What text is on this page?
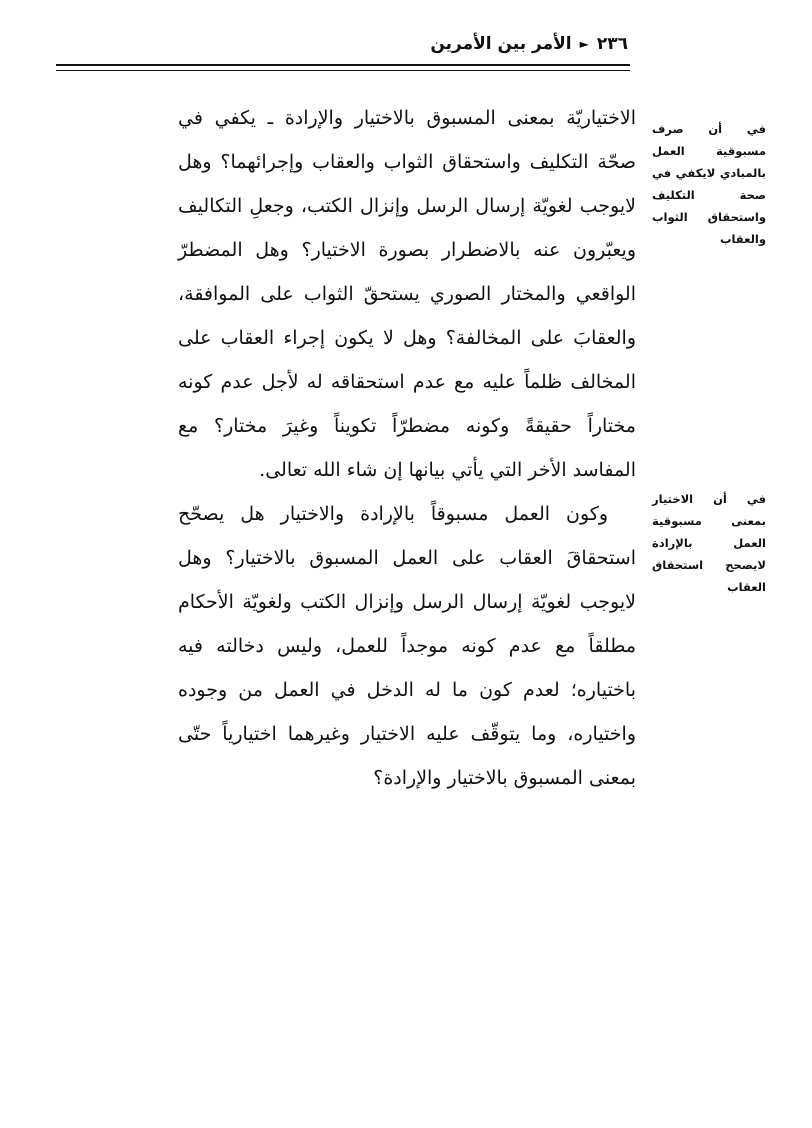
٢٣٦
►
الأمر بين الأمرين
في أن صرف مسبوقية العمل بالمبادي لايكفي في صحة التكليف واستحقاق الثواب والعقاب
في أن الاختيار بمعنى مسبوقية العمل بالإرادة لايصحح استحقاق العقاب

الاختياريّة بمعنى المسبوق بالاختيار والإرادة ـ يكفي في صحّة التكليف واستحقاق الثواب والعقاب وإجرائهما؟ وهل لايوجب لغويّة إرسال الرسل وإنزال الكتب، وجعلِ التكاليف ويعبّرون عنه بالاضطرار بصورة الاختيار؟ وهل المضطرّ الواقعي والمختار الصوري يستحقّ الثواب على الموافقة، والعقابَ على المخالفة؟ وهل لا يكون إجراء العقاب على المخالف ظلماً عليه مع عدم استحقاقه له لأجل عدم كونه مختاراً حقيقةً وكونه مضطرّاً تكويناً وغيرَ مختار؟ مع المفاسد الأخر التي يأتي بيانها إن شاء الله تعالى.

وكون العمل مسبوقاً بالإرادة والاختيار هل يصحّح استحقاقَ العقاب على العمل المسبوق بالاختيار؟ وهل لايوجب لغويّة إرسال الرسل وإنزال الكتب ولغويّة الأحكام مطلقاً مع عدم كونه موجداً للعمل، وليس دخالته فيه باختياره؛ لعدم كون ما له الدخل في العمل من وجوده واختياره، وما يتوقّف عليه الاختيار وغيرهما اختيارياً حتّى بمعنى المسبوق بالاختيار والإرادة؟
